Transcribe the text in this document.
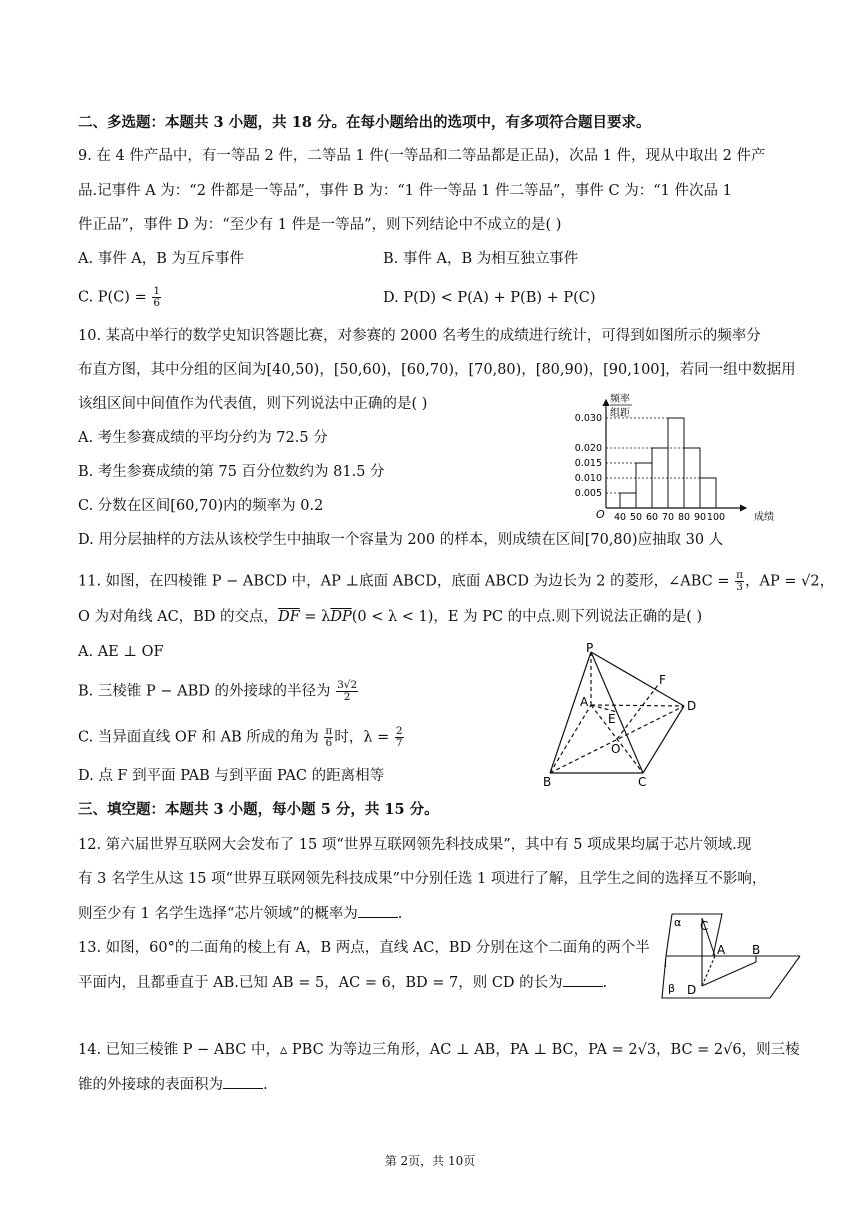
二、多选题：本题共 3 小题，共 18 分。在每小题给出的选项中，有多项符合题目要求。
9. 在 4 件产品中，有一等品 2 件，二等品 1 件(一等品和二等品都是正品)，次品 1 件，现从中取出 2 件产
品.记事件 A 为：“2 件都是一等品”，事件 B 为：“1 件一等品 1 件二等品”，事件 C 为：“1 件次品 1
件正品”，事件 D 为：“至少有 1 件是一等品”，则下列结论中不成立的是( )
A. 事件 A，B 为互斥事件	B. 事件 A，B 为相互独立事件
C. $P(C) = \frac{1}{6}$	D. P(D) < P(A) + P(B) + P(C)
10. 某高中举行的数学史知识答题比赛，对参赛的 2000 名考生的成绩进行统计，可得到如图所示的频率分
布直方图，其中分组的区间为[40,50)，[50,60)，[60,70)，[70,80)，[80,90)，[90,100]，若同一组中数据用
该组区间中间值作为代表值，则下列说法中正确的是( )
A. 考生参赛成绩的平均分约为 72.5 分
B. 考生参赛成绩的第 75 百分位数约为 81.5 分
C. 分数在区间[60,70)内的频率为 0.2
D. 用分层抽样的方法从该校学生中抽取一个容量为 200 的样本，则成绩在区间[70,80)应抽取 30 人
频率
组距
成绩
O
0.005
0.010
0.015
0.020
0.030
40 50 60 70 80 90 100
11. 如图，在四棱锥 P − ABCD 中，AP ⊥底面 ABCD，底面 ABCD 为边长为 2 的菱形，∠ABC = $\frac{\pi}{3}$ ，AP = √2，
O 为对角线 AC，BD 的交点，$\overline{DF} = \lambda\overline{DP}(0 < \lambda < 1)$，E 为 PC 的中点.则下列说法正确的是( )
A. AE ⊥ OF
B. 三棱锥 P − ABD 的外接球的半径为 $\frac{3√2}{2}$
C. 当异面直线 OF 和 AB 所成的角为 $\frac{\pi}{6}$ 时，$\lambda = \frac{2}{7}$
D. 点 F 到平面 PAB 与到平面 PAC 的距离相等
P
F
A
E
D
O
B	C
三、填空题：本题共 3 小题，每小题 5 分，共 15 分。
12. 第六届世界互联网大会发布了 15 项“世界互联网领先科技成果”，其中有 5 项成果均属于芯片领域.现
有 3 名学生从这 15 项“世界互联网领先科技成果”中分别任选 1 项进行了解，且学生之间的选择互不影响，
则至少有 1 名学生选择“芯片领域”的概率为	.
13. 如图，60°的二面角的棱上有 A，B 两点，直线 AC，BD 分别在这个二面角的两个半
平面内，且都垂直于 AB.已知 AB = 5，AC = 6，BD = 7，则 CD 的长为	.
α C
l
A B
β D
14. 已知三棱锥 P − ABC 中，▵ PBC 为等边三角形，AC ⊥ AB，PA ⊥ BC，PA = 2√3，BC = 2√6，则三棱
锥的外接球的表面积为	.
第 2页，共 10页
